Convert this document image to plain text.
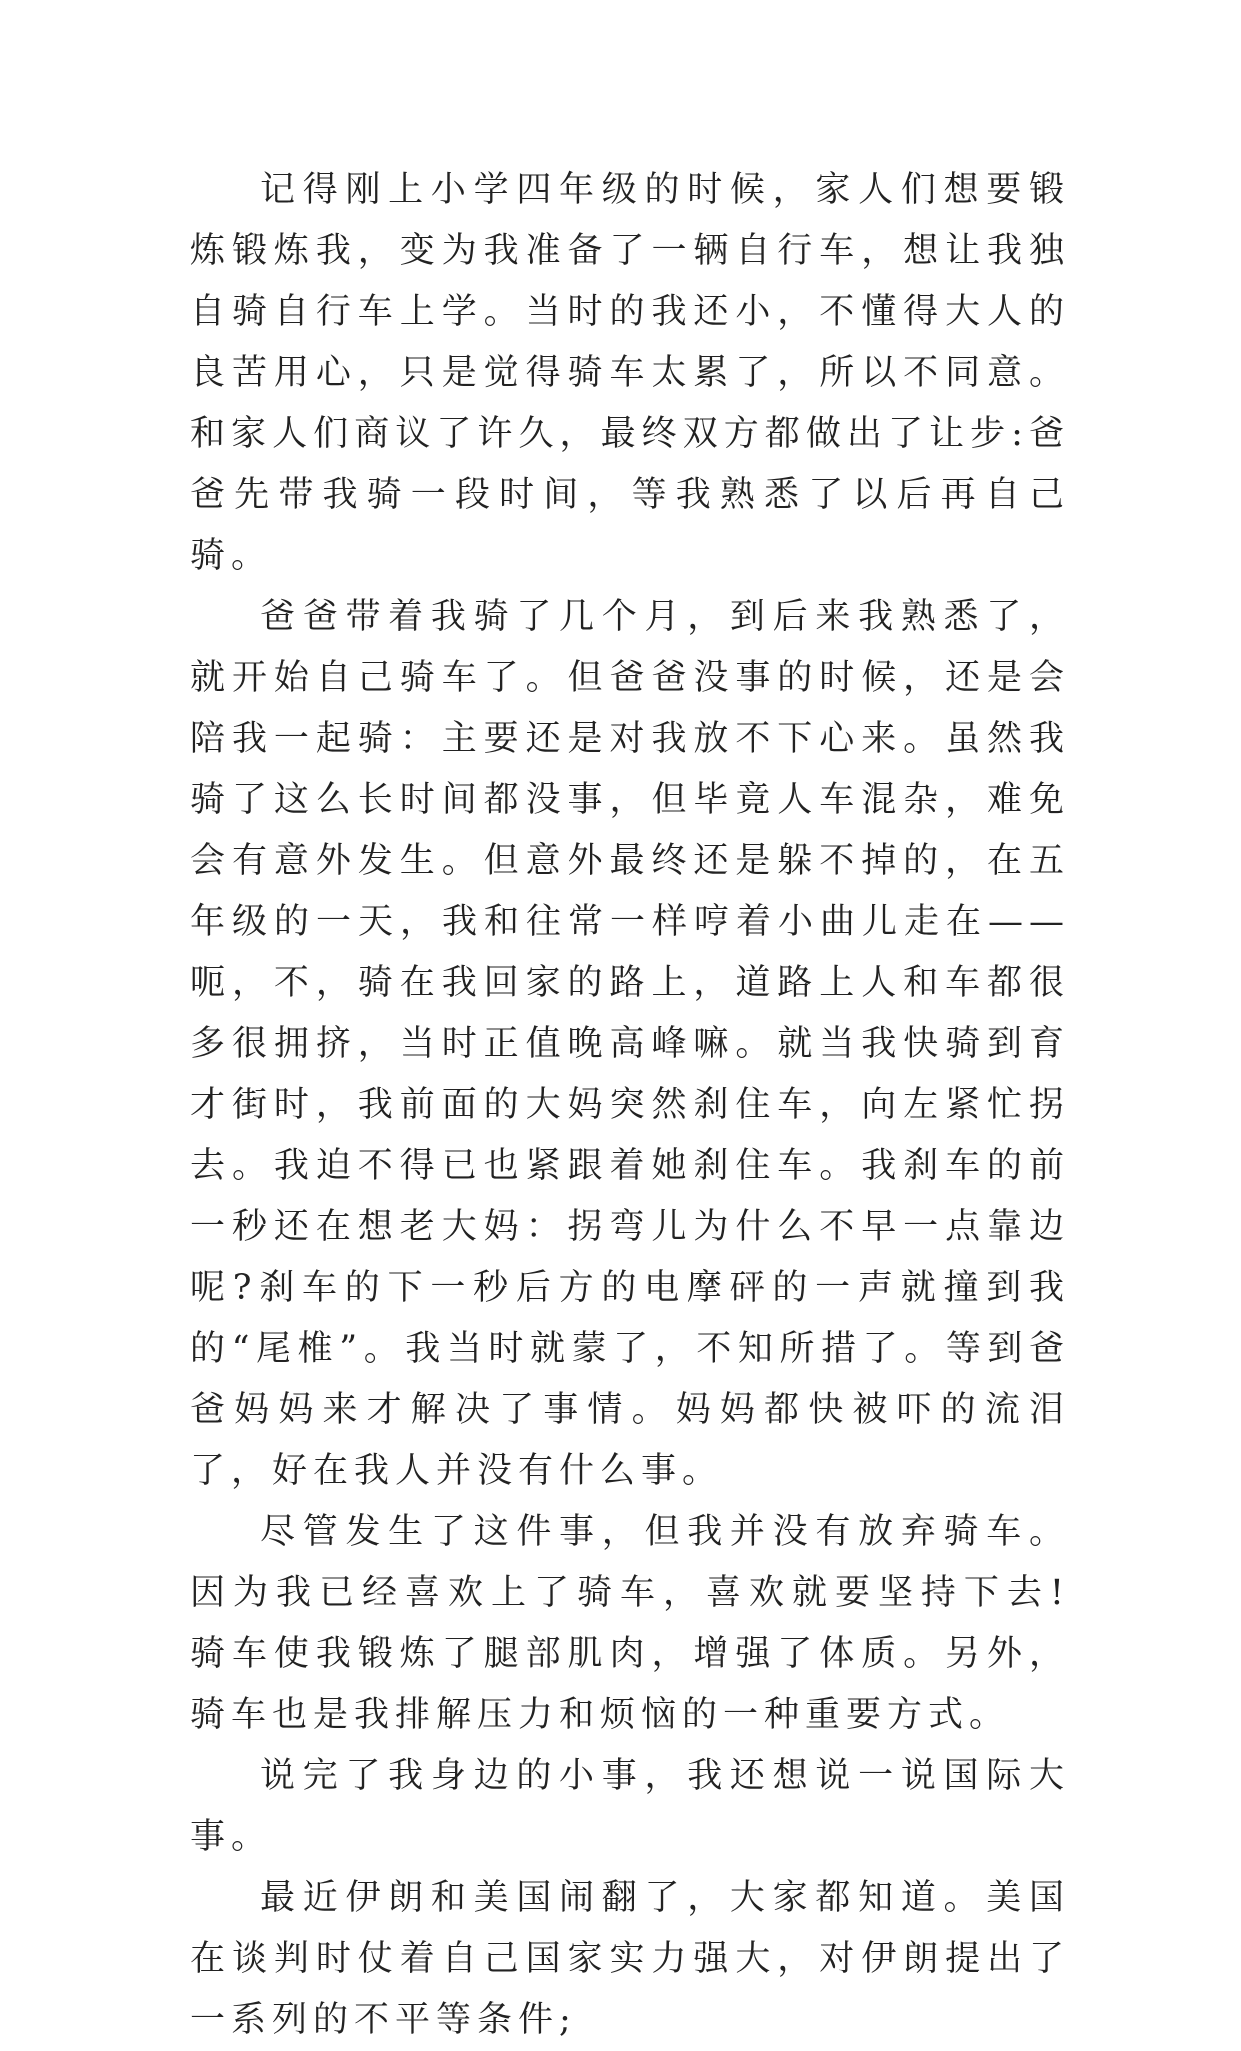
记得刚上小学四年级的时候，家人们想要锻炼锻炼我，变为我准备了一辆自行车，想让我独自骑自行车上学。当时的我还小，不懂得大人的良苦用心，只是觉得骑车太累了，所以不同意。和家人们商议了许久，最终双方都做出了让步:爸爸先带我骑一段时间，等我熟悉了以后再自己骑。

爸爸带着我骑了几个月，到后来我熟悉了，就开始自己骑车了。但爸爸没事的时候，还是会陪我一起骑：主要还是对我放不下心来。虽然我骑了这么长时间都没事，但毕竟人车混杂，难免会有意外发生。但意外最终还是躲不掉的，在五年级的一天，我和往常一样哼着小曲儿走在——呃，不，骑在我回家的路上，道路上人和车都很多很拥挤，当时正值晚高峰嘛。就当我快骑到育才街时，我前面的大妈突然刹住车，向左紧忙拐去。我迫不得已也紧跟着她刹住车。我刹车的前一秒还在想老大妈：拐弯儿为什么不早一点靠边呢?刹车的下一秒后方的电摩砰的一声就撞到我的“尾椎”。我当时就蒙了，不知所措了。等到爸爸妈妈来才解决了事情。妈妈都快被吓的流泪了，好在我人并没有什么事。

尽管发生了这件事，但我并没有放弃骑车。因为我已经喜欢上了骑车，喜欢就要坚持下去!骑车使我锻炼了腿部肌肉，增强了体质。另外，骑车也是我排解压力和烦恼的一种重要方式。

说完了我身边的小事，我还想说一说国际大事。

最近伊朗和美国闹翻了，大家都知道。美国在谈判时仗着自己国家实力强大，对伊朗提出了一系列的不平等条件;
